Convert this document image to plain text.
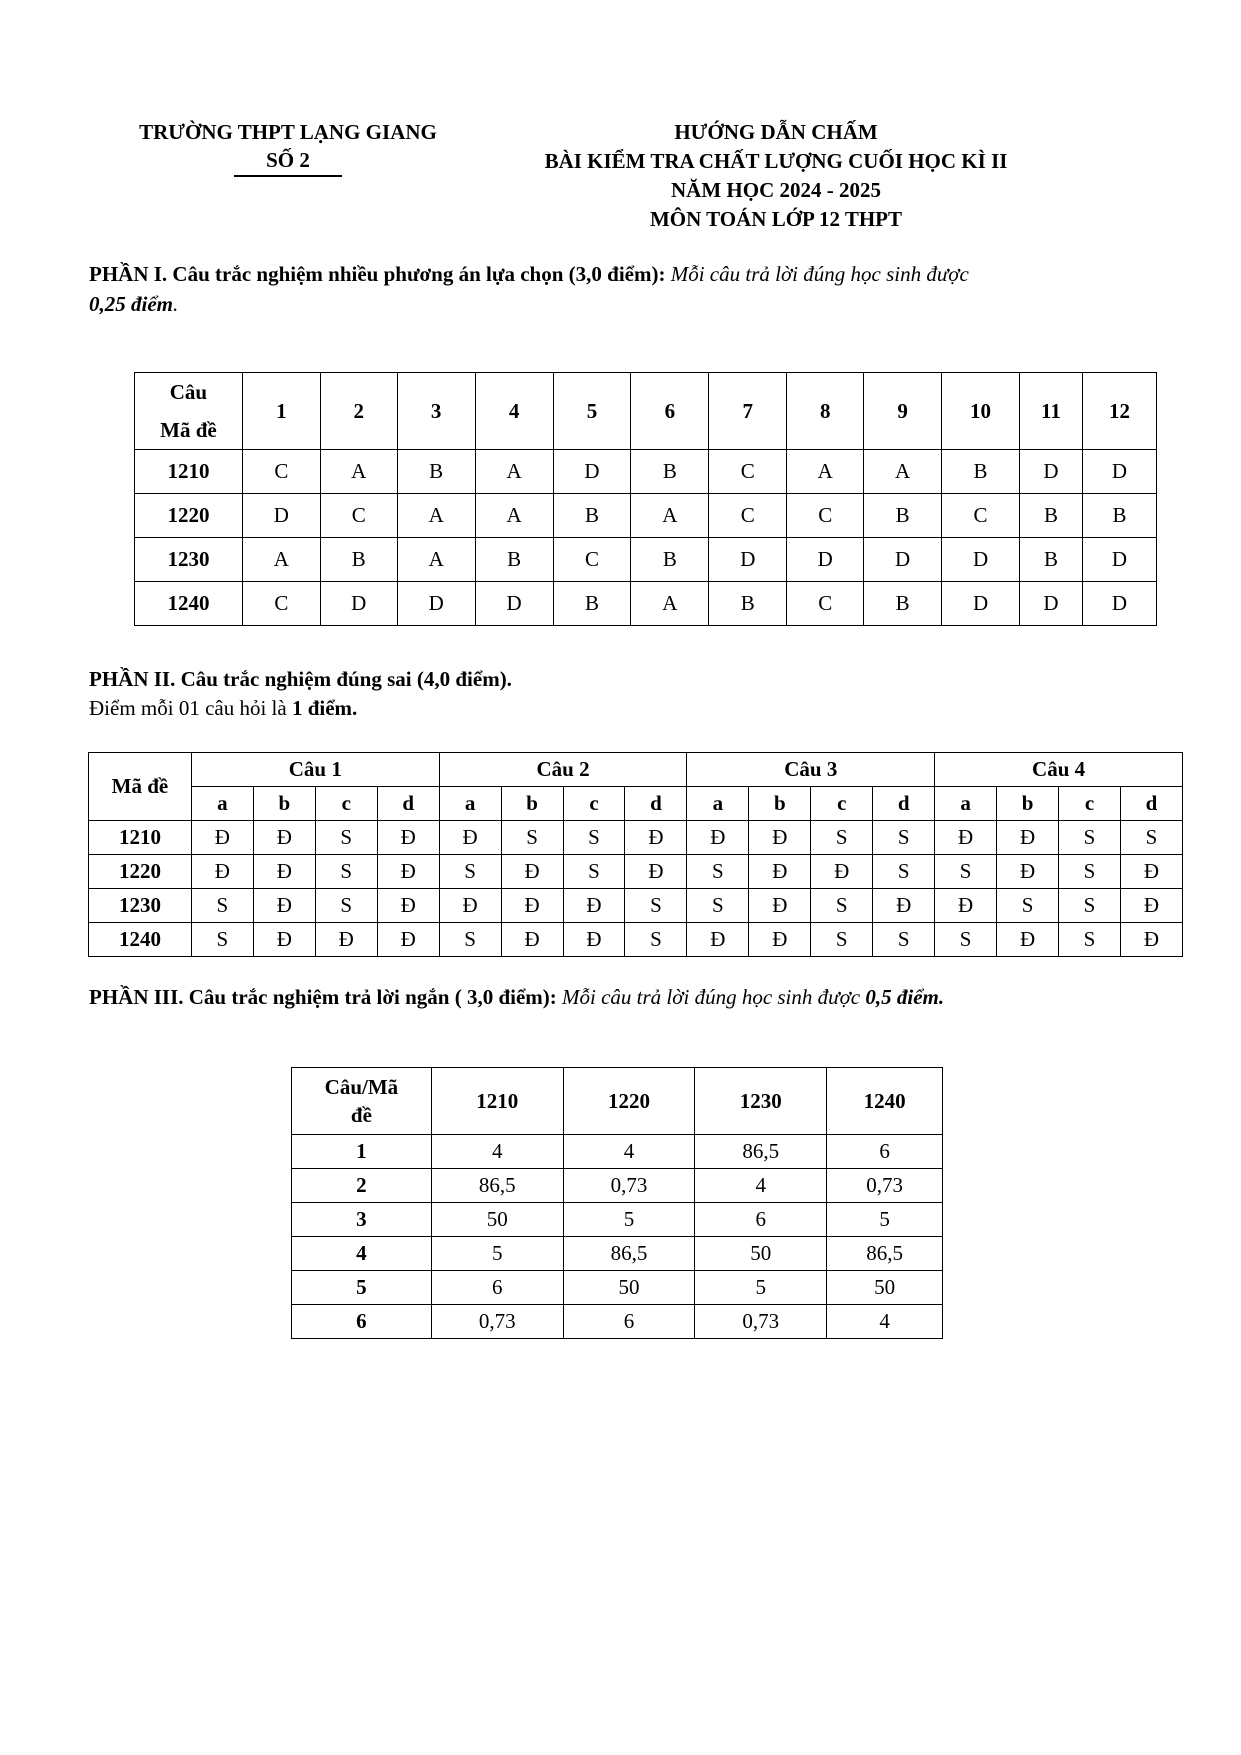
TRƯỜNG THPT LẠNG GIANG
SỐ 2
HƯỚNG DẪN CHẤM
BÀI KIỂM TRA CHẤT LƯỢNG CUỐI HỌC KÌ II
NĂM HỌC 2024 - 2025
MÔN TOÁN LỚP 12 THPT
PHẦN I. Câu trắc nghiệm nhiều phương án lựa chọn (3,0 điểm): Mỗi câu trả lời đúng học sinh được
0,25 điểm.
Câu	1	2	3	4	5	6	7	8	9	10	11	12
Mã đề												
1210	C	A	B	A	D	B	C	A	A	B	D	D
1220	D	C	A	A	B	A	C	C	B	C	B	B
1230	A	B	A	B	C	B	D	D	D	D	B	D
1240	C	D	D	D	B	A	B	C	B	D	D	D
PHẦN II. Câu trắc nghiệm đúng sai (4,0 điểm).
Điểm mỗi 01 câu hỏi là 1 điểm.
Mã đề	Câu 1				Câu 2				Câu 3				Câu 4			
	a	b	c	d	a	b	c	d	a	b	c	d	a	b	c	d
1210	Đ	Đ	S	Đ	Đ	S	S	Đ	Đ	Đ	S	S	Đ	Đ	S	S
1220	Đ	Đ	S	Đ	S	Đ	S	Đ	S	Đ	Đ	S	S	Đ	S	Đ
1230	S	Đ	S	Đ	Đ	Đ	Đ	S	S	Đ	S	Đ	Đ	S	S	Đ
1240	S	Đ	Đ	Đ	S	Đ	Đ	S	Đ	Đ	S	S	S	Đ	S	Đ
PHẦN III. Câu trắc nghiệm trả lời ngắn ( 3,0 điểm): Mỗi câu trả lời đúng học sinh được 0,5 điểm.
Câu/Mã
đề	1210	1220	1230	1240
1	4	4	86,5	6
2	86,5	0,73	4	0,73
3	50	5	6	5
4	5	86,5	50	86,5
5	6	50	5	50
6	0,73	6	0,73	4
